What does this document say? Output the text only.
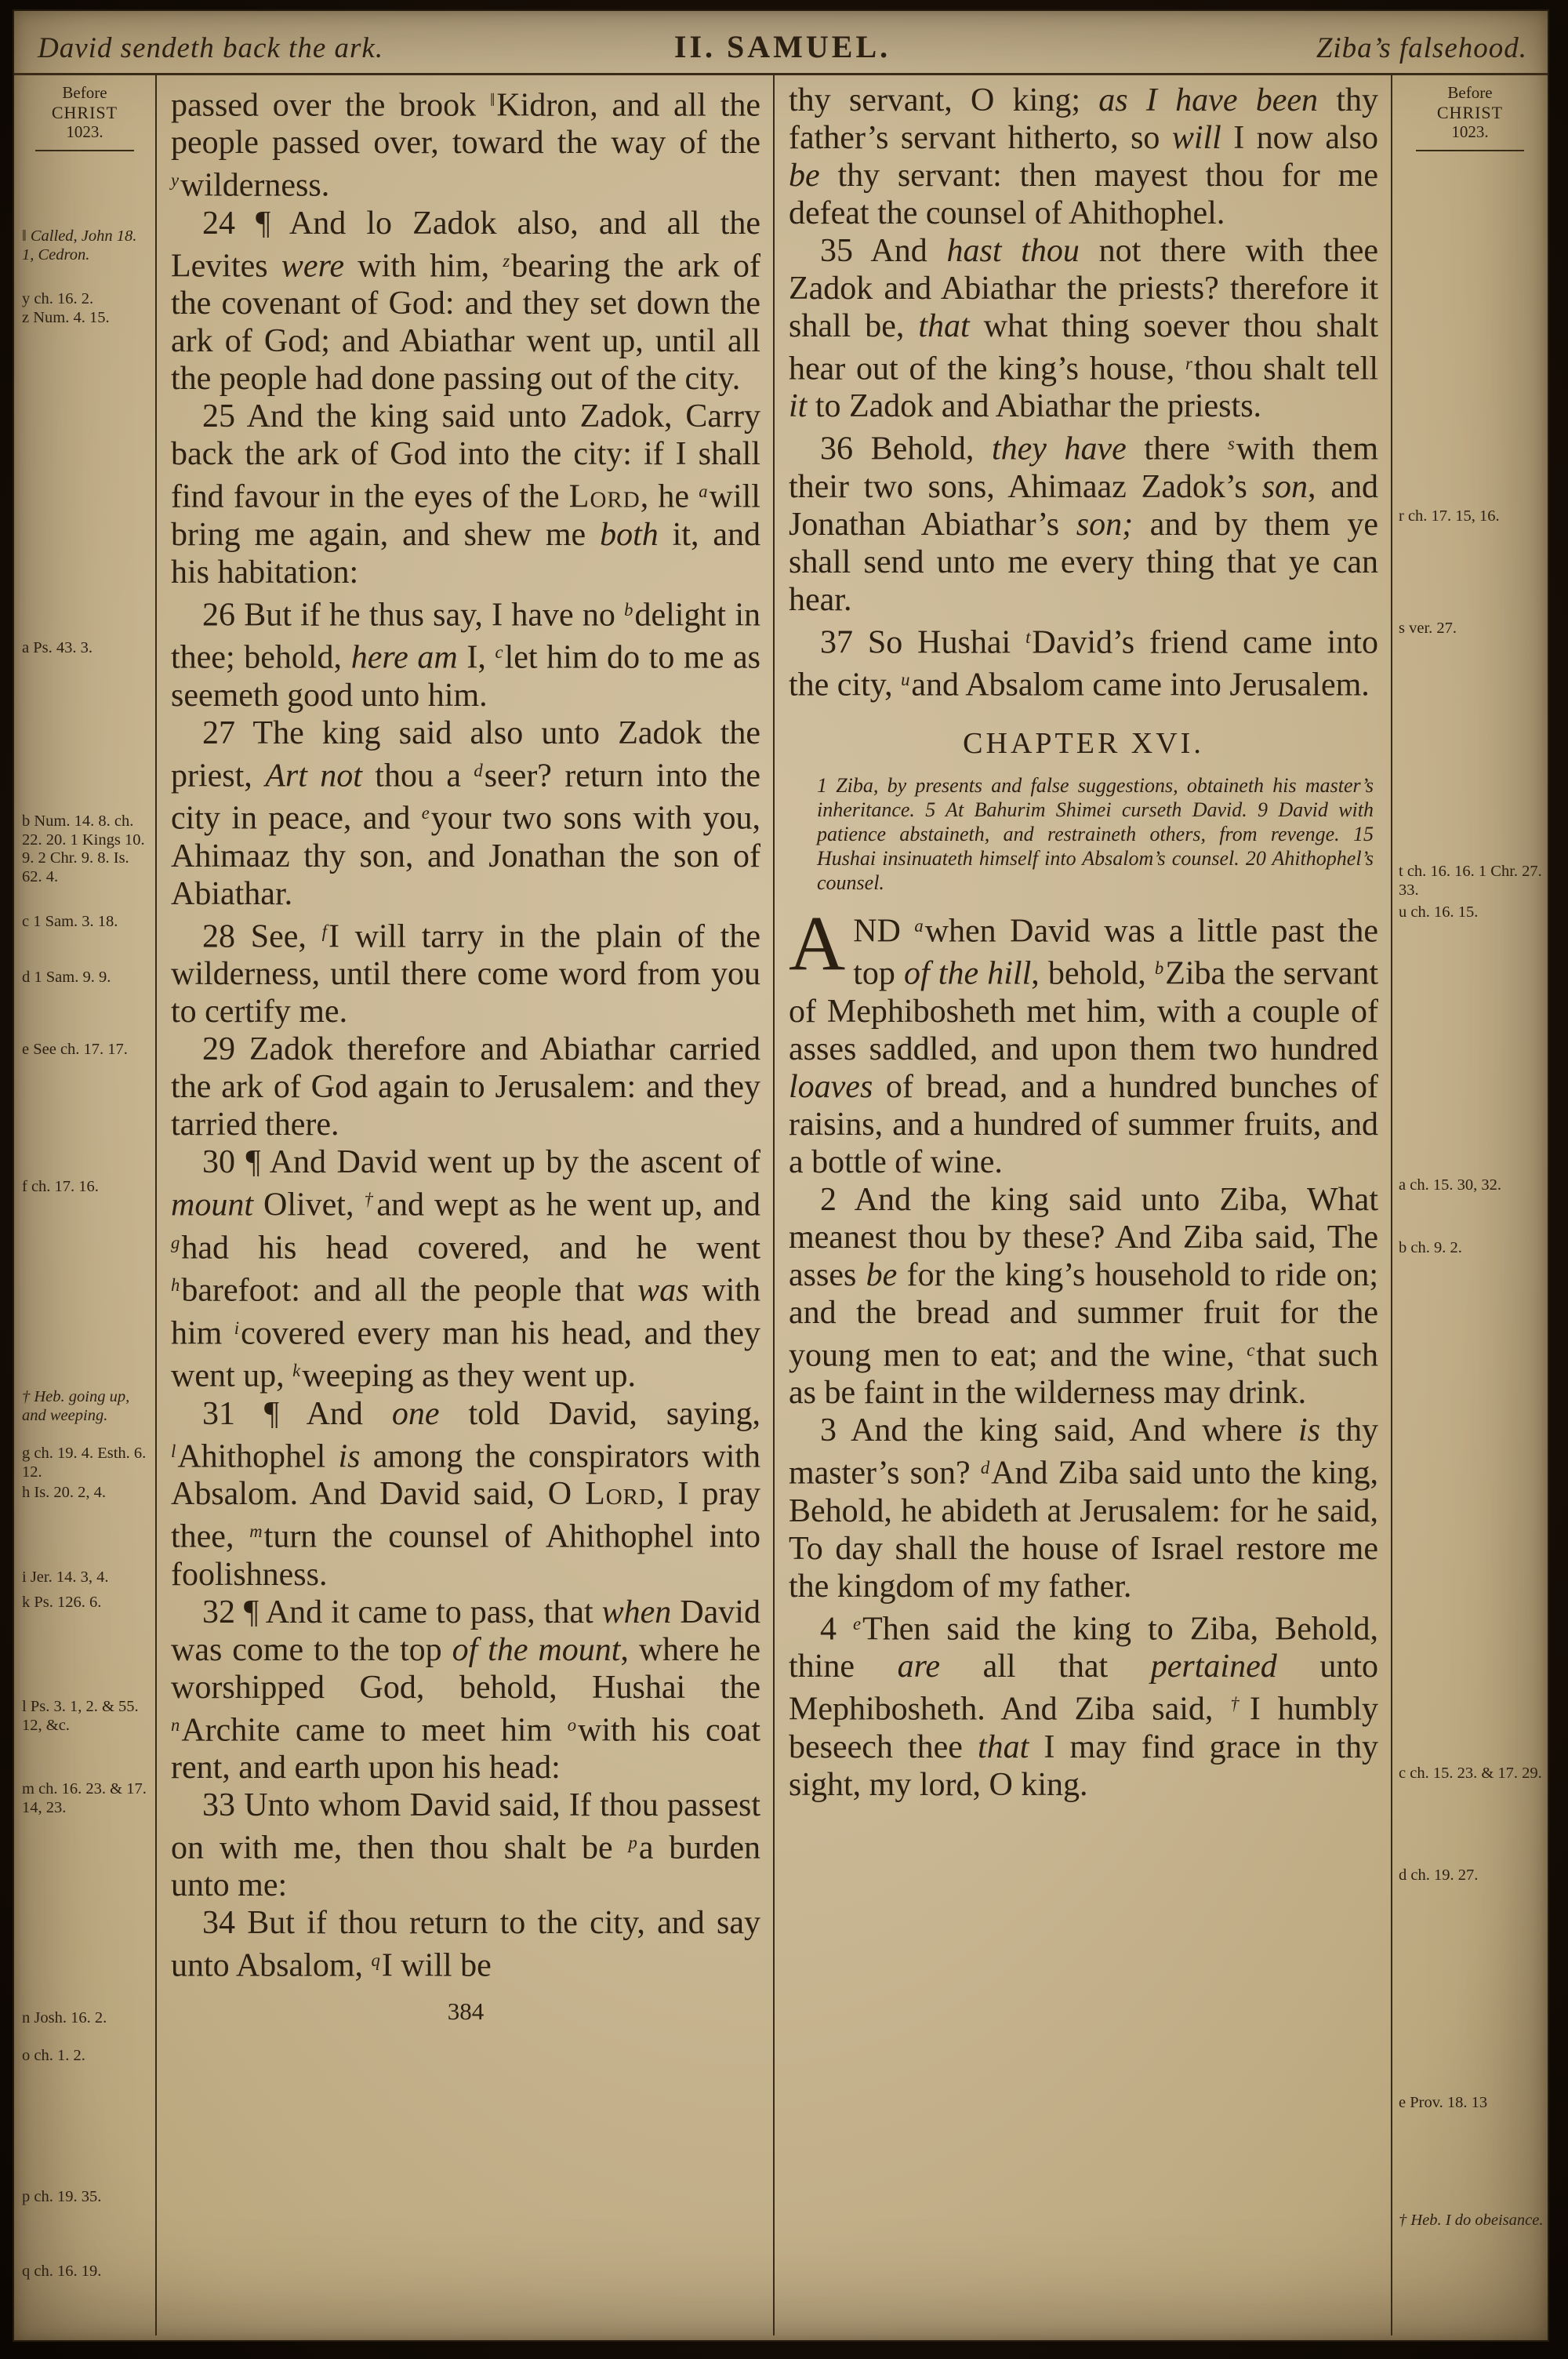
David sendeth back the ark.	II. SAMUEL.	Ziba’s falsehood.
Before
CHRIST
1023.
‖ Called, John 18. 1, Cedron.
y ch. 16. 2.
z Num. 4. 15.
a Ps. 43. 3.
b Num. 14. 8. ch. 22. 20. 1 Kings 10. 9. 2 Chr. 9. 8. Is. 62. 4.
c 1 Sam. 3. 18.
d 1 Sam. 9. 9.
e See ch. 17. 17.
f ch. 17. 16.
† Heb. going up, and weeping.
g ch. 19. 4. Esth. 6. 12.
h Is. 20. 2, 4.
i Jer. 14. 3, 4.
k Ps. 126. 6.
l Ps. 3. 1, 2. & 55. 12, &c.
m ch. 16. 23. & 17. 14, 23.
n Josh. 16. 2.
o ch. 1. 2.
p ch. 19. 35.
q ch. 16. 19.

passed over the brook ‖Kidron, and all the people passed over, toward the way of the $^y$wilderness.

24 ¶ And lo Zadok also, and all the Levites were with him, $^z$bearing the ark of the covenant of God: and they set down the ark of God; and Abiathar went up, until all the people had done passing out of the city.

25 And the king said unto Zadok, Carry back the ark of God into the city: if I shall find favour in the eyes of the Lord, he $^a$will bring me again, and shew me both it, and his habitation:

26 But if he thus say, I have no $^b$delight in thee; behold, here am I, $^c$let him do to me as seemeth good unto him.

27 The king said also unto Zadok the priest, Art not thou a $^d$seer? return into the city in peace, and $^e$your two sons with you, Ahimaaz thy son, and Jonathan the son of Abiathar.

28 See, $^f$I will tarry in the plain of the wilderness, until there come word from you to certify me.

29 Zadok therefore and Abiathar carried the ark of God again to Jerusalem: and they tarried there.

30 ¶ And David went up by the ascent of mount Olivet, †and wept as he went up, and $^g$had his head covered, and he went $^h$barefoot: and all the people that was with him $^i$covered every man his head, and they went up, $^k$weeping as they went up.

31 ¶ And one told David, saying, $^l$Ahithophel is among the conspirators with Absalom. And David said, O Lord, I pray thee, $^m$turn the counsel of Ahithophel into foolishness.

32 ¶ And it came to pass, that when David was come to the top of the mount, where he worshipped God, behold, Hushai the $^n$Archite came to meet him $^o$with his coat rent, and earth upon his head:

33 Unto whom David said, If thou passest on with me, then thou shalt be $^p$a burden unto me:

34 But if thou return to the city, and say unto Absalom, $^q$I will be

384

thy servant, O king; as I have been thy father’s servant hitherto, so will I now also be thy servant: then mayest thou for me defeat the counsel of Ahithophel.

35 And hast thou not there with thee Zadok and Abiathar the priests? therefore it shall be, that what thing soever thou shalt hear out of the king’s house, $^r$thou shalt tell it to Zadok and Abiathar the priests.

36 Behold, they have there $^s$with them their two sons, Ahimaaz Zadok’s son, and Jonathan Abiathar’s son; and by them ye shall send unto me every thing that ye can hear.

37 So Hushai $^t$David’s friend came into the city, $^u$and Absalom came into Jerusalem.

CHAPTER XVI.

1 Ziba, by presents and false suggestions, obtaineth his master’s inheritance. 5 At Bahurim Shimei curseth David. 9 David with patience abstaineth, and restraineth others, from revenge. 15 Hushai insinuateth himself into Absalom’s counsel. 20 Ahithophel’s counsel.

AND $^a$when David was a little past the top of the hill, behold, $^b$Ziba the servant of Mephibosheth met him, with a couple of asses saddled, and upon them two hundred loaves of bread, and a hundred bunches of raisins, and a hundred of summer fruits, and a bottle of wine.

2 And the king said unto Ziba, What meanest thou by these? And Ziba said, The asses be for the king’s household to ride on; and the bread and summer fruit for the young men to eat; and the wine, $^c$that such as be faint in the wilderness may drink.

3 And the king said, And where is thy master’s son? $^d$And Ziba said unto the king, Behold, he abideth at Jerusalem: for he said, To day shall the house of Israel restore me the kingdom of my father.

4 $^e$Then said the king to Ziba, Behold, thine are all that pertained unto Mephibosheth. And Ziba said, †I humbly beseech thee that I may find grace in thy sight, my lord, O king.

Before
CHRIST
1023.
r ch. 17. 15, 16.
s ver. 27.
t ch. 16. 16. 1 Chr. 27. 33.
u ch. 16. 15.
a ch. 15. 30, 32.
b ch. 9. 2.
c ch. 15. 23. & 17. 29.
d ch. 19. 27.
e Prov. 18. 13
† Heb. I do obeisance.
